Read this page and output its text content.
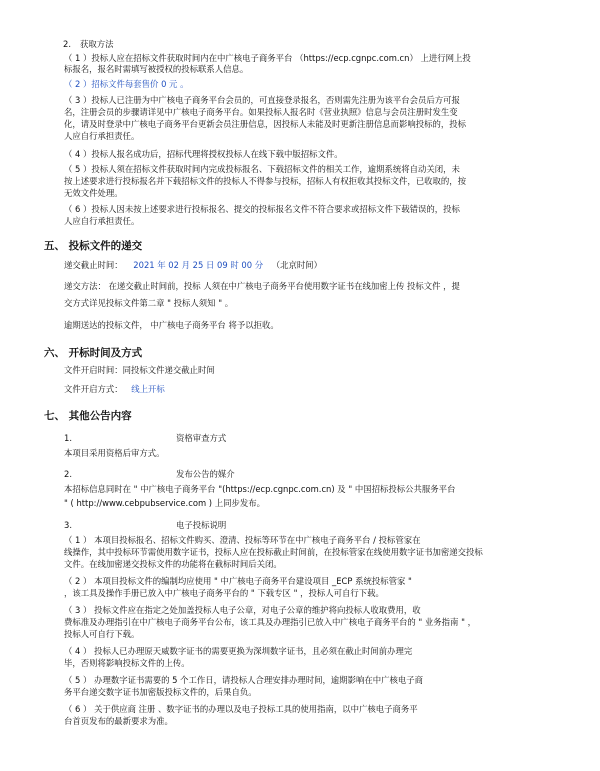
2. 获取方法
（ 1 ）投标人应在招标文件获取时间内在中广核电子商务平台 （https://ecp.cgnpc.com.cn） 上进行网上投
标报名，报名时需填写被授权的投标联系人信息。
（ 2 ）招标文件每套售价 0 元 。
（ 3 ）投标人已注册为中广核电子商务平台会员的，可直接登录报名，否则需先注册为该平台会员后方可报
名，注册会员的步骤请详见中广核电子商务平台。如果投标人报名时《营业执照》信息与会员注册时发生变
化，请及时登录中广核电子商务平台更新会员注册信息，因投标人未能及时更新注册信息而影响投标的，投标
人应自行承担责任。
（ 4 ）投标人报名成功后，招标代理将授权投标人在线下载中版招标文件。
（ 5 ）投标人须在招标文件获取时间内完成投标报名、下载招标文件的相关工作，逾期系统将自动关闭，未
按上述要求进行投标报名并下载招标文件的投标人不得参与投标，招标人有权拒收其投标文件，已收取的，按
无效文件处理。
（ 6 ）投标人因未按上述要求进行投标报名、提交的投标报名文件不符合要求或招标文件下载错误的，投标
人应自行承担责任。
五、 投标文件的递交
递交截止时间： 2021 年 02 月 25 日 09 时 00 分 （北京时间）
递交方法： 在递交截止时间前，投标 人须在中广核电子商务平台使用数字证书在线加密上传 投标文件 ，提
交方式详见投标文件第二章 " 投标人须知 " 。
逾期送达的投标文件， 中广核电子商务平台 将予以拒收。
六、 开标时间及方式
文件开启时间：同投标文件递交截止时间
文件开启方式： 线上开标
七、 其他公告内容
1.	资格审查方式
本项目采用资格后审方式。
2.	发布公告的媒介
本招标信息同时在 " 中广核电子商务平台 "(https://ecp.cgnpc.com.cn) 及 " 中国招标投标公共服务平台
" ( http://www.cebpubservice.com ) 上同步发布。
3.	电子投标说明
（ 1 ） 本项目投标报名、招标文件购买、澄清、投标等环节在中广核电子商务平台 / 投标管家在
线操作，其中投标环节需使用数字证书，投标人应在投标截止时间前，在投标管家在线使用数字证书加密递交投标
文件。在线加密递交投标文件的功能将在截标时间后关闭。
（ 2 ） 本项目投标文件的编制均应使用 " 中广核电子商务平台建设项目 _ECP 系统投标管家 "
，该工具及操作手册已放入中广核电子商务平台的 " 下载专区 " ，投标人可自行下载。
（ 3 ） 投标文件应在指定之处加盖投标人电子公章，对电子公章的维护将向投标人收取费用，收
费标准及办理指引在中广核电子商务平台公布，该工具及办理指引已放入中广核电子商务平台的 " 业务指南 " ，
投标人可自行下载。
（ 4 ） 投标人已办理原天威数字证书的需要更换为深圳数字证书，且必须在截止时间前办理完
毕，否则将影响投标文件的上传。
（ 5 ） 办理数字证书需要的 5 个工作日，请投标人合理安排办理时间，逾期影响在中广核电子商
务平台递交数字证书加密版投标文件的，后果自负。
（ 6 ） 关于供应商 注册 、数字证书的办理以及电子投标工具的使用指南，以中广核电子商务平
台首页发布的最新要求为准。
